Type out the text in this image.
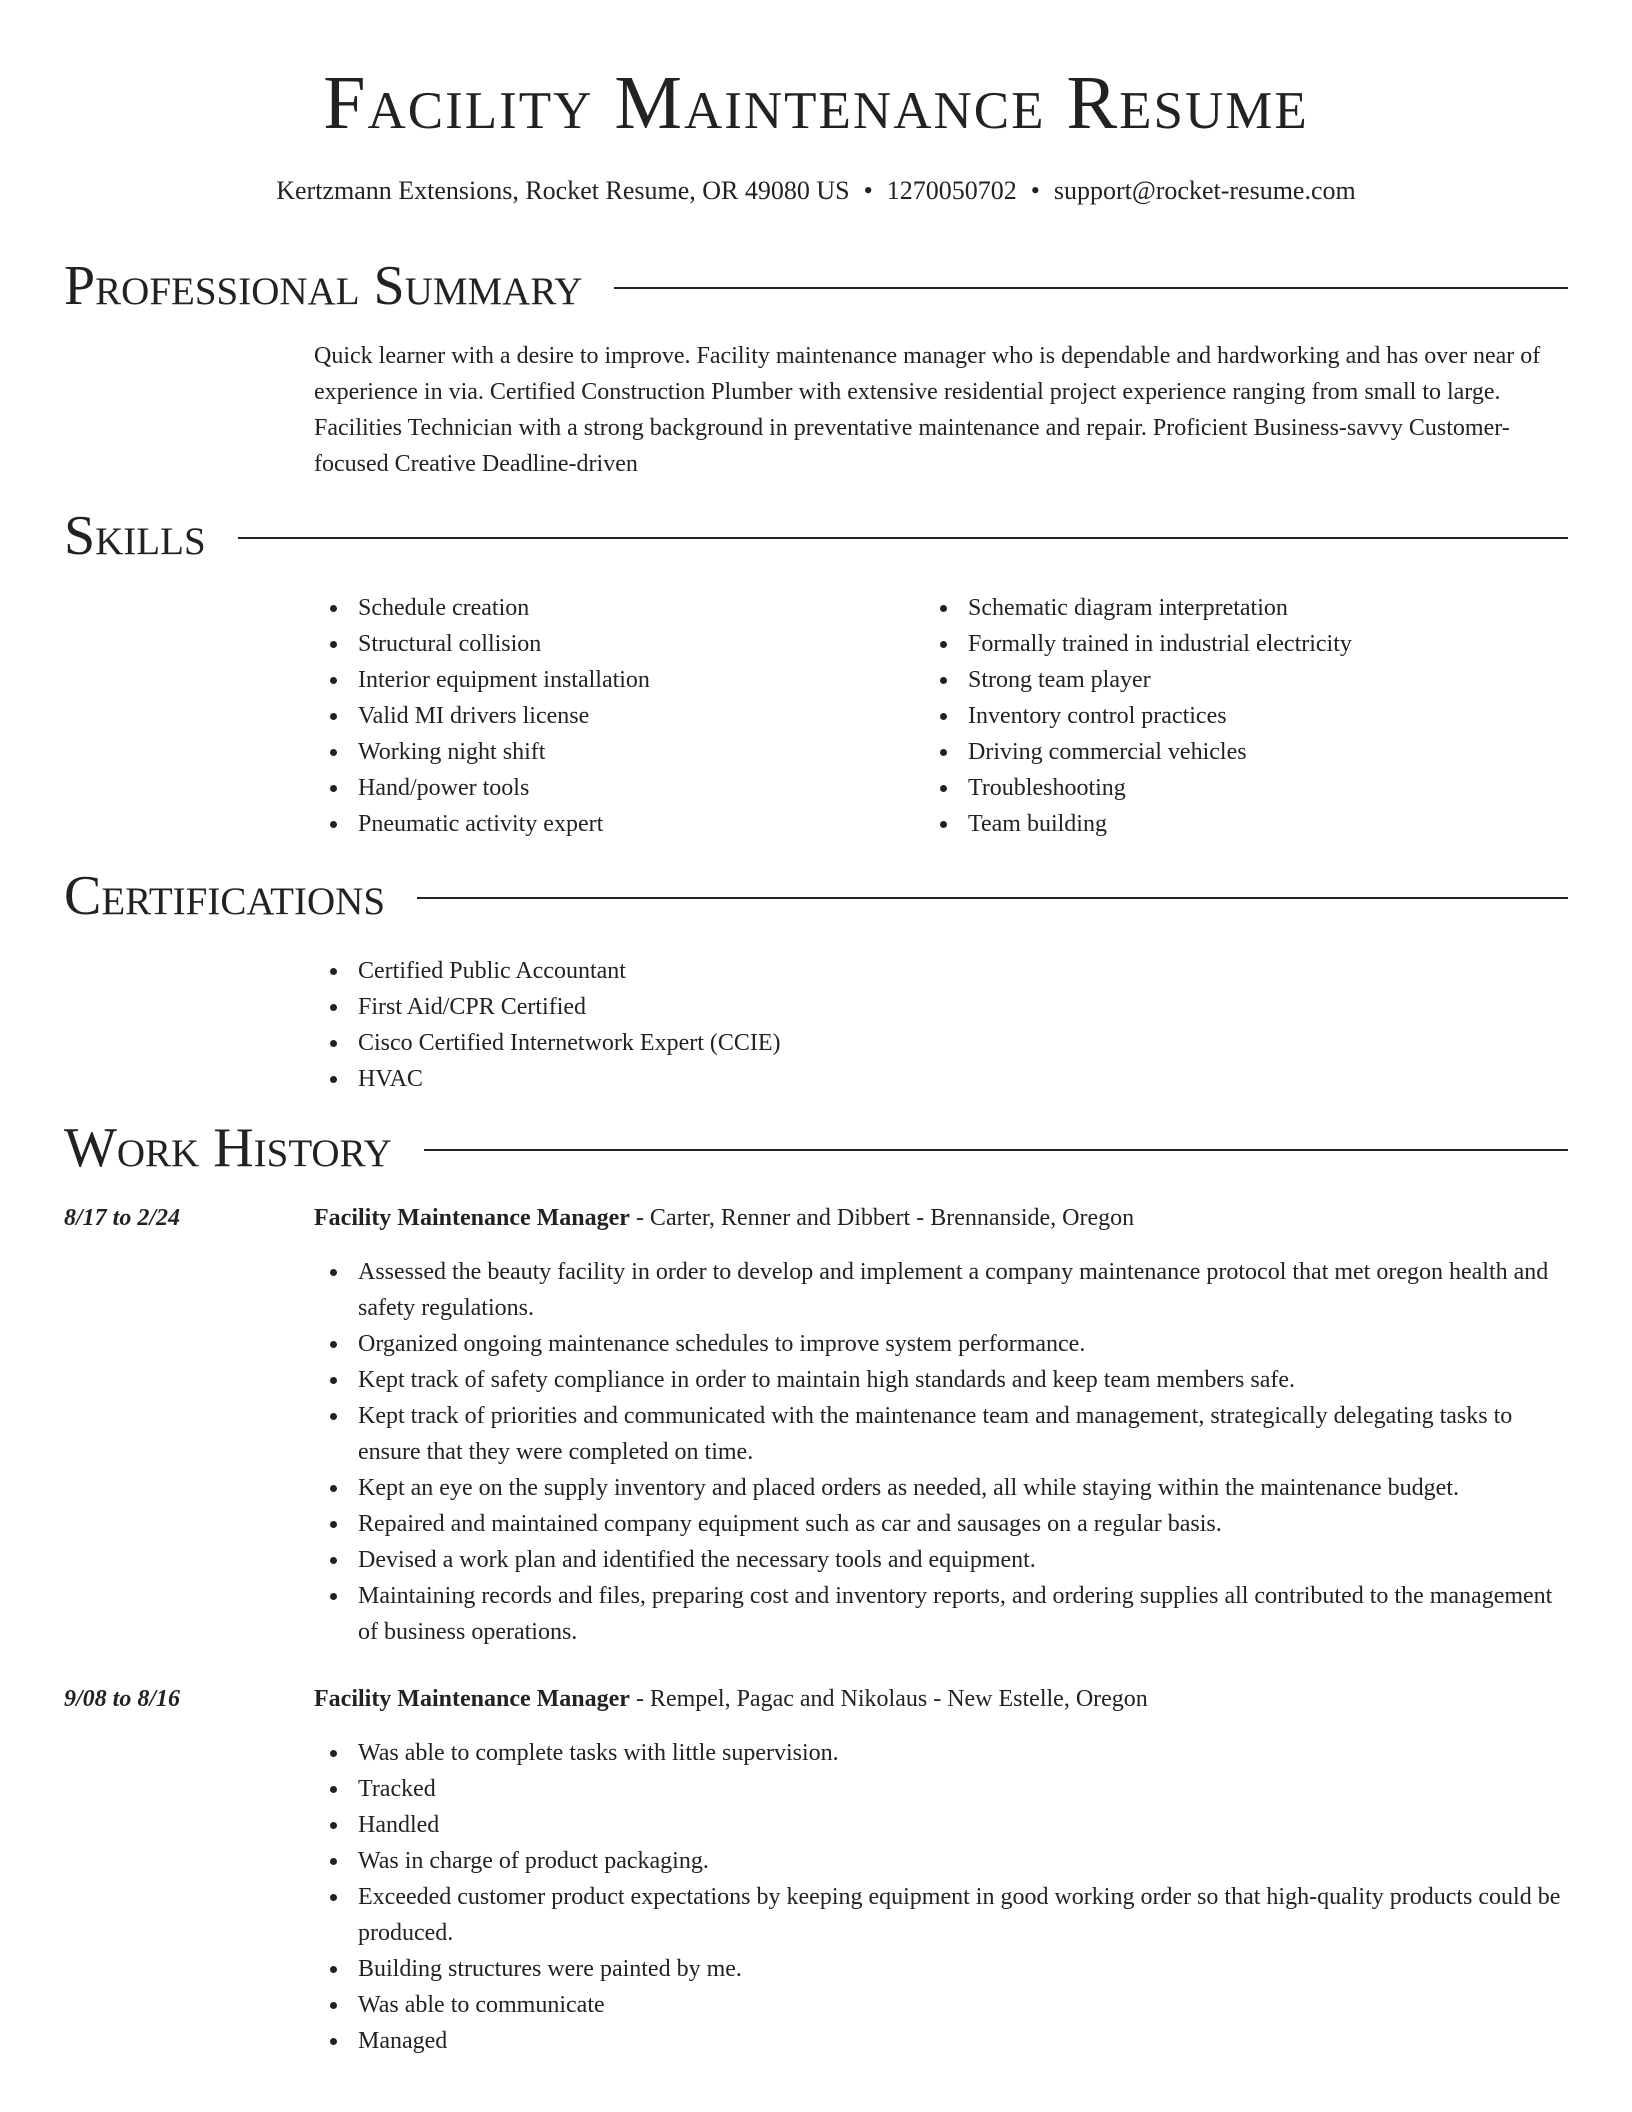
Facility Maintenance Resume
Kertzmann Extensions, Rocket Resume, OR 49080 US • 1270050702 • support@rocket-resume.com
Professional Summary

Quick learner with a desire to improve. Facility maintenance manager who is dependable and hardworking and has over near of experience in via. Certified Construction Plumber with extensive residential project experience ranging from small to large. Facilities Technician with a strong background in preventative maintenance and repair. Proficient Business-savvy Customer-focused Creative Deadline-driven

Skills
Schedule creation
Structural collision
Interior equipment installation
Valid MI drivers license
Working night shift
Hand/power tools
Pneumatic activity expert
Schematic diagram interpretation
Formally trained in industrial electricity
Strong team player
Inventory control practices
Driving commercial vehicles
Troubleshooting
Team building
Certifications
Certified Public Accountant
First Aid/CPR Certified
Cisco Certified Internetwork Expert (CCIE)
HVAC
Work History
8/17 to 2/24	Facility Maintenance Manager - Carter, Renner and Dibbert - Brennanside, Oregon
Assessed the beauty facility in order to develop and implement a company maintenance protocol that met oregon health and safety regulations.
Organized ongoing maintenance schedules to improve system performance.
Kept track of safety compliance in order to maintain high standards and keep team members safe.
Kept track of priorities and communicated with the maintenance team and management, strategically delegating tasks to ensure that they were completed on time.
Kept an eye on the supply inventory and placed orders as needed, all while staying within the maintenance budget.
Repaired and maintained company equipment such as car and sausages on a regular basis.
Devised a work plan and identified the necessary tools and equipment.
Maintaining records and files, preparing cost and inventory reports, and ordering supplies all contributed to the management of business operations.
9/08 to 8/16	Facility Maintenance Manager - Rempel, Pagac and Nikolaus - New Estelle, Oregon
Was able to complete tasks with little supervision.
Tracked
Handled
Was in charge of product packaging.
Exceeded customer product expectations by keeping equipment in good working order so that high-quality products could be produced.
Building structures were painted by me.
Was able to communicate
Managed
